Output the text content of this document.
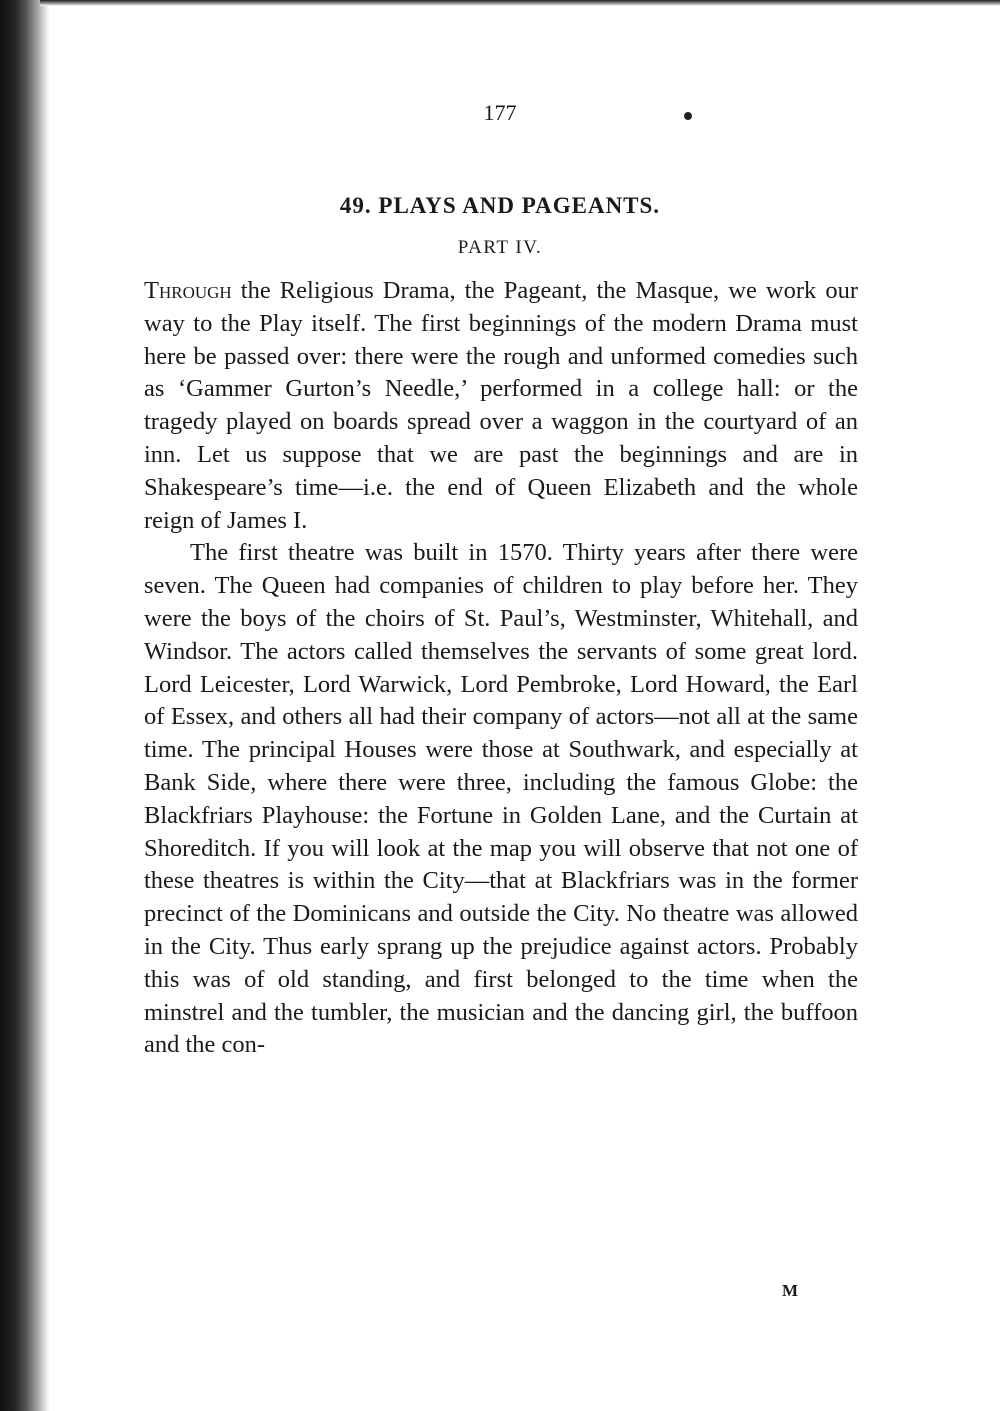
177
49. PLAYS AND PAGEANTS.
PART IV.

Through the Religious Drama, the Pageant, the Masque, we work our way to the Play itself. The first beginnings of the modern Drama must here be passed over: there were the rough and unformed comedies such as ‘Gammer Gurton’s Needle,’ performed in a college hall: or the tragedy played on boards spread over a waggon in the courtyard of an inn. Let us suppose that we are past the beginnings and are in Shakespeare’s time—i.e. the end of Queen Elizabeth and the whole reign of James I.

The first theatre was built in 1570. Thirty years after there were seven. The Queen had companies of children to play before her. They were the boys of the choirs of St. Paul’s, Westminster, Whitehall, and Windsor. The actors called themselves the servants of some great lord. Lord Leicester, Lord Warwick, Lord Pembroke, Lord Howard, the Earl of Essex, and others all had their company of actors—not all at the same time. The principal Houses were those at Southwark, and especially at Bank Side, where there were three, including the famous Globe: the Blackfriars Playhouse: the Fortune in Golden Lane, and the Curtain at Shoreditch. If you will look at the map you will observe that not one of these theatres is within the City—that at Blackfriars was in the former precinct of the Dominicans and outside the City. No theatre was allowed in the City. Thus early sprang up the prejudice against actors. Probably this was of old standing, and first belonged to the time when the minstrel and the tumbler, the musician and the dancing girl, the buffoon and the con-

M
